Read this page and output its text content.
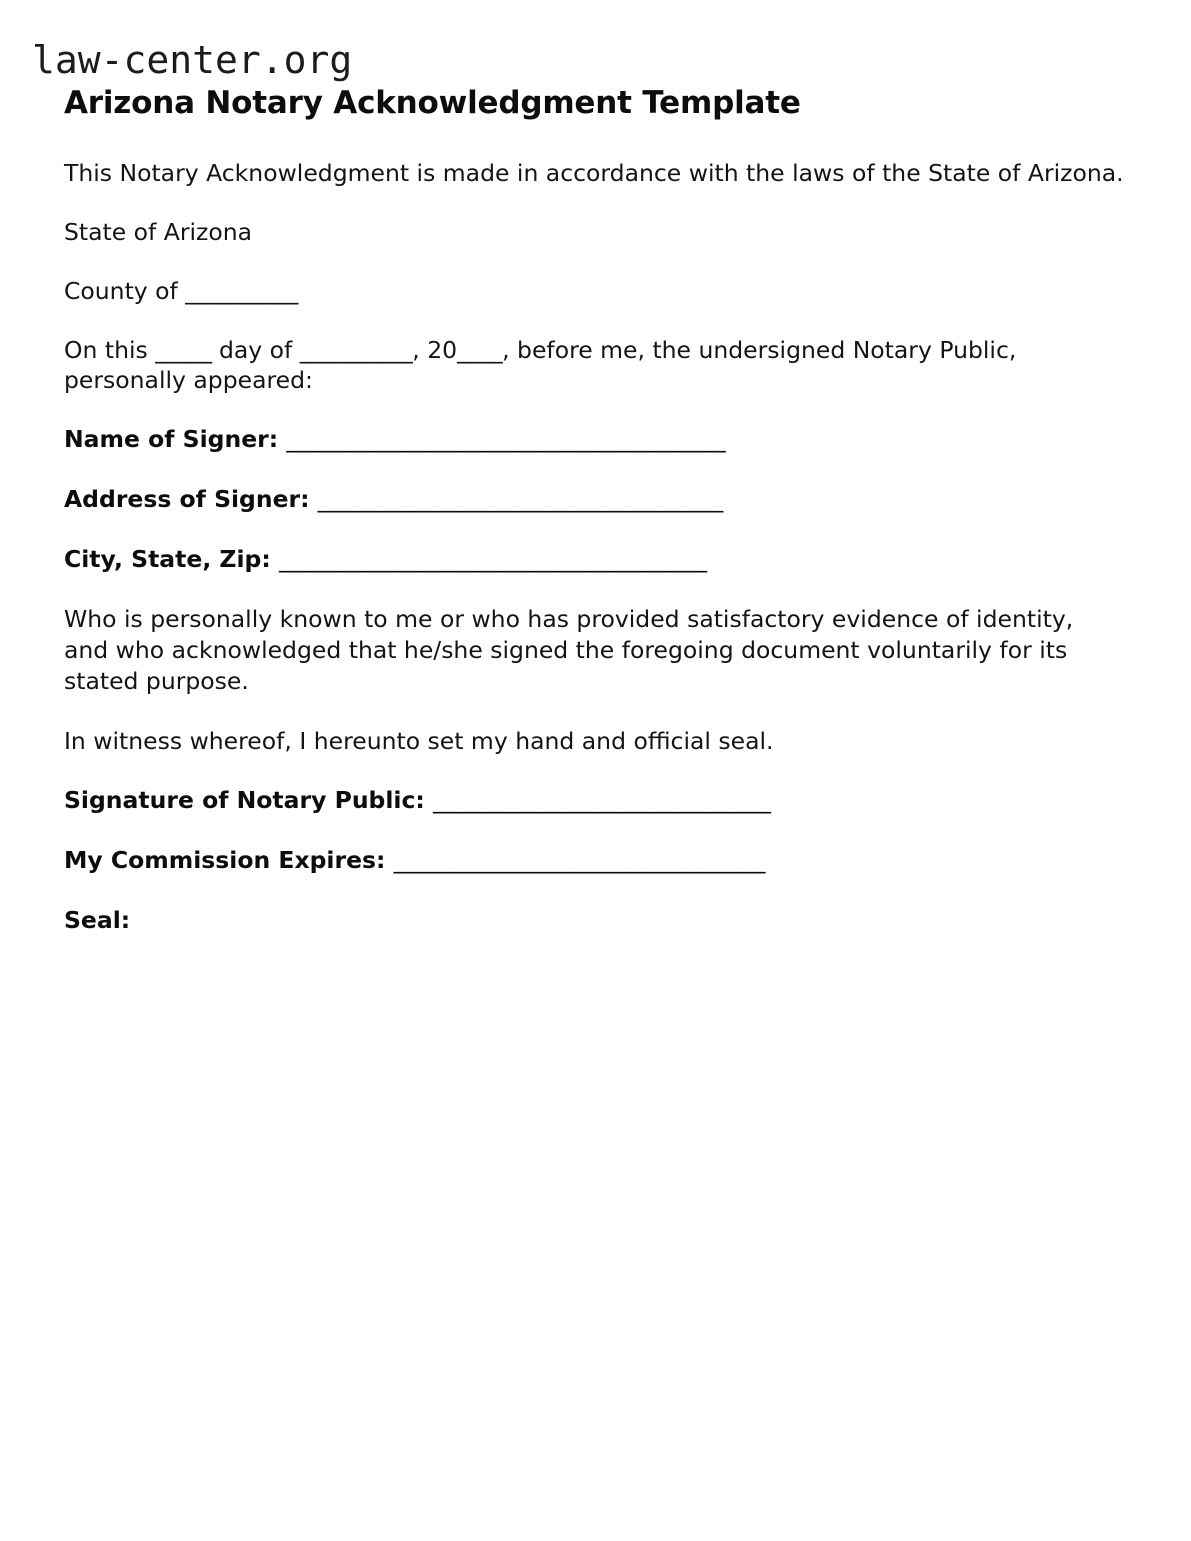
law-center.org
Arizona Notary Acknowledgment Template

This Notary Acknowledgment is made in accordance with the laws of the State of Arizona.

State of Arizona

County of __________

On this _____ day of __________, 20____, before me, the undersigned Notary Public, personally appeared:

Name of Signer: _______________________________________

Address of Signer: ____________________________________

City, State, Zip: ______________________________________

Who is personally known to me or who has provided satisfactory evidence of identity, and who acknowledged that he/she signed the foregoing document voluntarily for its stated purpose.

In witness whereof, I hereunto set my hand and official seal.

Signature of Notary Public: ______________________________

My Commission Expires: _________________________________

Seal:
